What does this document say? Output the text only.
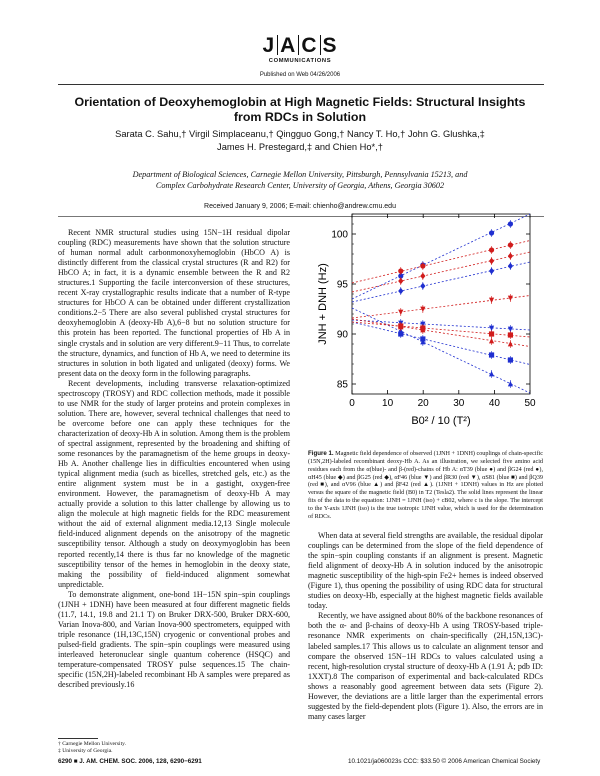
J A C S
COMMUNICATIONS
Published on Web 04/26/2006
Orientation of Deoxyhemoglobin at High Magnetic Fields: Structural Insights
from RDCs in Solution
Sarata C. Sahu,† Virgil Simplaceanu,† Qingguo Gong,† Nancy T. Ho,† John G. Glushka,‡
James H. Prestegard,‡ and Chien Ho*,†
Department of Biological Sciences, Carnegie Mellon University, Pittsburgh, Pennsylvania 15213, and
Complex Carbohydrate Research Center, University of Georgia, Athens, Georgia 30602
Received January 9, 2006; E-mail: chienho@andrew.cmu.edu

Recent NMR structural studies using 15N−1H residual dipolar coupling (RDC) measurements have shown that the solution structure of human normal adult carbonmonoxyhemoglobin (HbCO A) is distinctly different from the classical crystal structures (R and R2) for HbCO A; in fact, it is a dynamic ensemble between the R and R2 structures.1 Supporting the facile interconversion of these structures, recent X-ray crystallographic results indicate that a number of R-type structures for HbCO A can be obtained under different crystallization conditions.2−5 There are also several published crystal structures for deoxyhemoglobin A (deoxy-Hb A),6−8 but no solution structure for this protein has been reported. The functional properties of Hb A in single crystals and in solution are very different.9−11 Thus, to correlate the structure, dynamics, and function of Hb A, we need to determine its structures in solution in both ligated and unligated (deoxy) forms. We present data on the deoxy form in the following paragraphs.

Recent developments, including transverse relaxation-optimized spectroscopy (TROSY) and RDC collection methods, made it possible to use NMR for the study of larger proteins and protein complexes in solution. There are, however, several technical challenges that need to be overcome before one can apply these techniques for the characterization of deoxy-Hb A in solution. Among them is the problem of spectral assignment, represented by the broadening and shifting of some resonances by the paramagnetism of the heme groups in deoxy-Hb A. Another challenge lies in difficulties encountered when using typical alignment media (such as bicelles, stretched gels, etc.) as the entire alignment system must be in a gastight, oxygen-free environment. However, the paramagnetism of deoxy-Hb A may actually provide a solution to this latter challenge by allowing us to align the molecule at high magnetic fields for the RDC measurement without the aid of external alignment media.12,13 Single molecule field-induced alignment depends on the anisotropy of the magnetic susceptibility tensor. Although a study on deoxymyoglobin has been reported recently,14 there is thus far no knowledge of the magnetic susceptibility tensor of the hemes in hemoglobin in the deoxy state, making the possibility of field-induced alignment somewhat unpredictable.

To demonstrate alignment, one-bond 1H−15N spin−spin couplings (1JNH + 1DNH) have been measured at four different magnetic fields (11.7, 14.1, 19.8 and 21.1 T) on Bruker DRX-500, Bruker DRX-600, Varian Inova-800, and Varian Inova-900 spectrometers, equipped with triple resonance (1H,13C,15N) cryogenic or conventional probes and pulsed-field gradients. The spin−spin couplings were measured using interleaved heteronuclear single quantum coherence (HSQC) and temperature-compensated TROSY pulse sequences.15 The chain-specific (15N,2H)-labeled recombinant Hb A samples were prepared as described previously.16

0	10 20 30 40 50
85
90
95
100
B0² / 10 (T²)
JNH + DNH (Hz)
Figure 1. Magnetic field dependence of observed (1JNH + 1DNH) couplings of chain-specific (15N,2H)-labeled recombinant deoxy-Hb A. As an illustration, we selected five amino acid residues each from the α(blue)- and β-(red)-chains of Hb A: αT39 (blue ●) and βG24 (red ●), αH45 (blue ◆) and βG25 (red ◆), αF46 (blue ▼) and βR30 (red ▼), αS81 (blue ■) and βQ39 (red ■), and αV96 (blue ▲) and βF42 (red ▲). (1JNH + 1DNH) values in Hz are plotted versus the square of the magnetic field (B0) in T2 (Tesla2). The solid lines represent the linear fits of the data to the equation: 1JNH = 1JNH (iso) + cB02, where c is the slope. The intercept to the Y-axis 1JNH (iso) is the true isotropic 1JNH value, which is used for the determination of RDCs.

When data at several field strengths are available, the residual dipolar couplings can be determined from the slope of the field dependence of the spin−spin coupling constants if an alignment is present. Magnetic field alignment of deoxy-Hb A in solution induced by the anisotropic magnetic susceptibility of the high-spin Fe2+ hemes is indeed observed (Figure 1), thus opening the possibility of using RDC data for structural studies on deoxy-Hb, especially at the highest magnetic fields available today.

Recently, we have assigned about 80% of the backbone resonances of both the α- and β-chains of deoxy-Hb A using TROSY-based triple-resonance NMR experiments on chain-specifically (2H,15N,13C)-labeled samples.17 This allows us to calculate an alignment tensor and compare the observed 15N−1H RDCs to values calculated using a recent, high-resolution crystal structure of deoxy-Hb A (1.91 Å; pdb ID: 1XXT).8 The comparison of experimental and back-calculated RDCs shows a reasonably good agreement between data sets (Figure 2). However, the deviations are a little larger than the experimental errors suggested by the field-dependent plots (Figure 1). Also, the errors are in many cases larger

† Carnegie Mellon University.
‡ University of Georgia.
6290 ■ J. AM. CHEM. SOC. 2006, 128, 6290−6291	10.1021/ja060023s CCC: $33.50 © 2006 American Chemical Society
